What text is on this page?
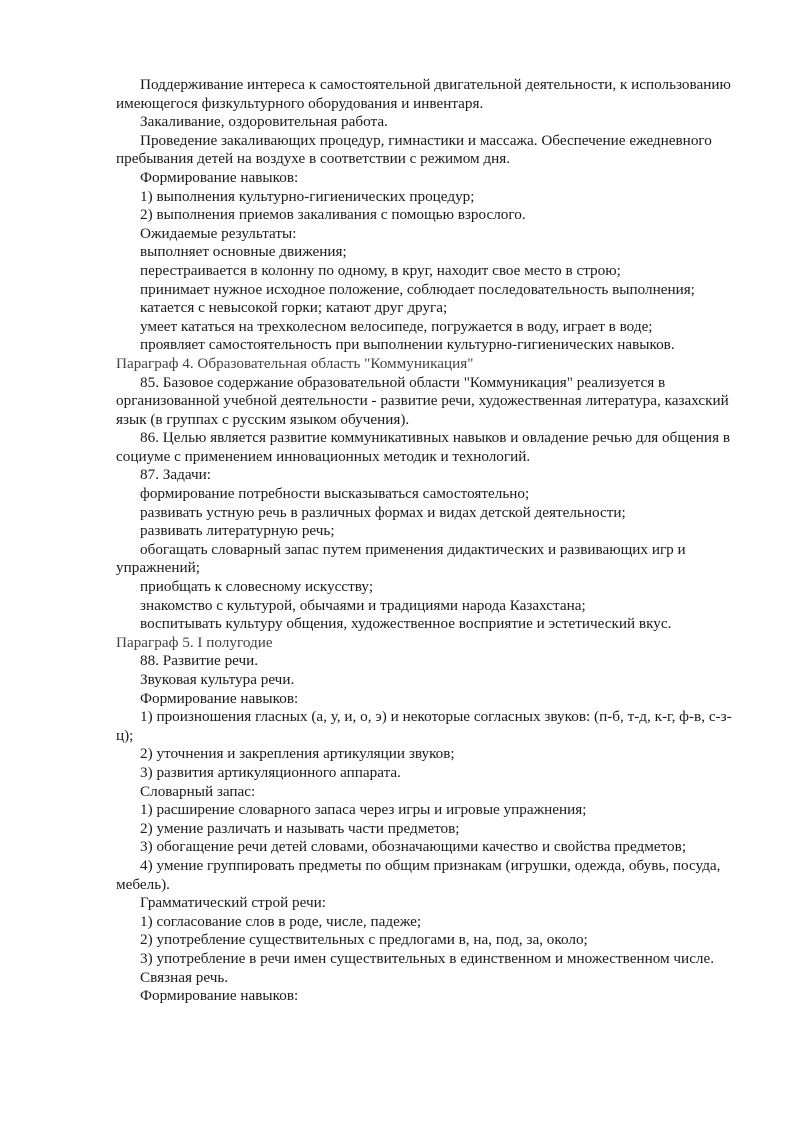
Поддерживание интереса к самостоятельной двигательной деятельности, к использованию имеющегося физкультурного оборудования и инвентаря.

Закаливание, оздоровительная работа.

Проведение закаливающих процедур, гимнастики и массажа. Обеспечение ежедневного пребывания детей на воздухе в соответствии с режимом дня.

Формирование навыков:

1) выполнения культурно-гигиенических процедур;

2) выполнения приемов закаливания с помощью взрослого.

Ожидаемые результаты:

выполняет основные движения;

перестраивается в колонну по одному, в круг, находит свое место в строю;

принимает нужное исходное положение, соблюдает последовательность выполнения;

катается с невысокой горки; катают друг друга;

умеет кататься на трехколесном велосипеде, погружается в воду, играет в воде;

проявляет самостоятельность при выполнении культурно-гигиенических навыков.

Параграф 4. Образовательная область "Коммуникация"

85. Базовое содержание образовательной области "Коммуникация" реализуется в организованной учебной деятельности - развитие речи, художественная литература, казахский язык (в группах с русским языком обучения).

86. Целью является развитие коммуникативных навыков и овладение речью для общения в социуме с применением инновационных методик и технологий.

87. Задачи:

формирование потребности высказываться самостоятельно;

развивать устную речь в различных формах и видах детской деятельности;

развивать литературную речь;

обогащать словарный запас путем применения дидактических и развивающих игр и упражнений;

приобщать к словесному искусству;

знакомство с культурой, обычаями и традициями народа Казахстана;

воспитывать культуру общения, художественное восприятие и эстетический вкус.

Параграф 5. I полугодие

88. Развитие речи.

Звуковая культура речи.

Формирование навыков:

1) произношения гласных (а, у, и, о, э) и некоторые согласных звуков: (п-б, т-д, к-г, ф-в, с-з-ц);

2) уточнения и закрепления артикуляции звуков;

3) развития артикуляционного аппарата.

Словарный запас:

1) расширение словарного запаса через игры и игровые упражнения;

2) умение различать и называть части предметов;

3) обогащение речи детей словами, обозначающими качество и свойства предметов;

4) умение группировать предметы по общим признакам (игрушки, одежда, обувь, посуда, мебель).

Грамматический строй речи:

1) согласование слов в роде, числе, падеже;

2) употребление существительных с предлогами в, на, под, за, около;

3) употребление в речи имен существительных в единственном и множественном числе.

Связная речь.

Формирование навыков:
